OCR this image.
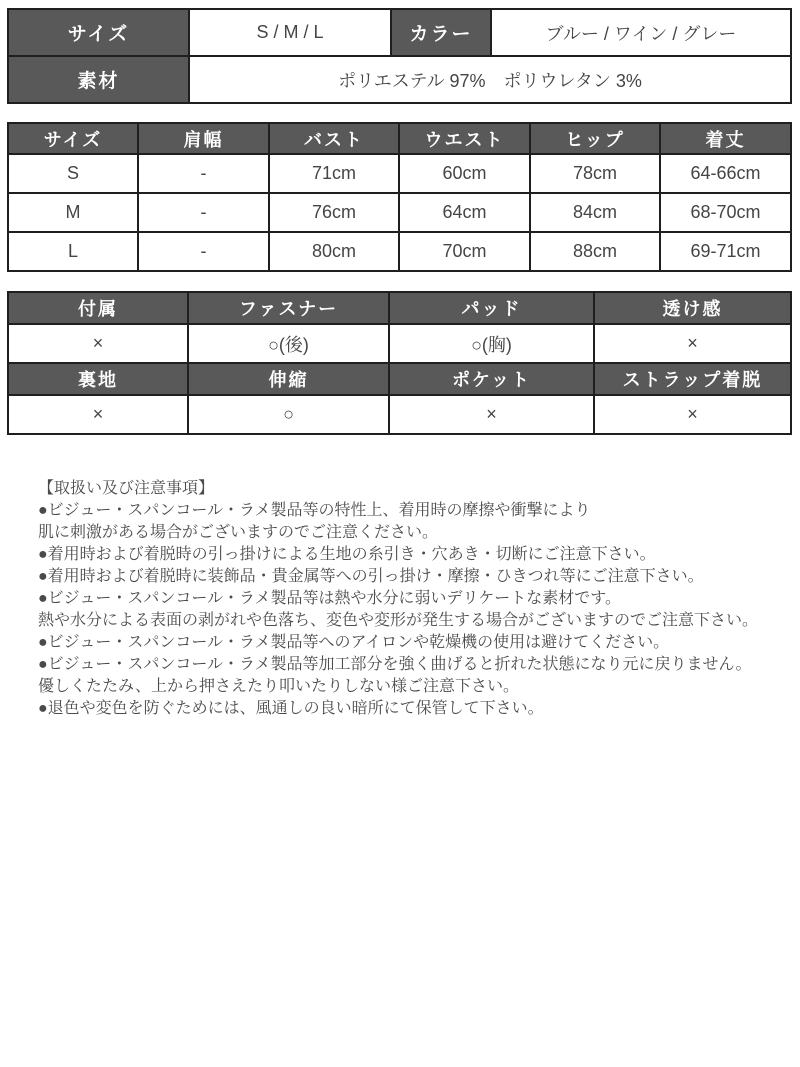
サイズ	S / M / L	カラー	ブルー / ワイン / グレー
素材	ポリエステル 97%　ポリウレタン 3%		
サイズ	肩幅	バスト	ウエスト	ヒップ	着丈
S	-	71cm	60cm	78cm	64-66cm
M	-	76cm	64cm	84cm	68-70cm
L	-	80cm	70cm	88cm	69-71cm
付属	ファスナー	パッド	透け感
×	○(後)	○(胸)	×
裏地	伸縮	ポケット	ストラップ着脱
×	○	×	×
【取扱い及び注意事項】
●ビジュー・スパンコール・ラメ製品等の特性上、着用時の摩擦や衝撃により
肌に刺激がある場合がございますのでご注意ください。
●着用時および着脱時の引っ掛けによる生地の糸引き・穴あき・切断にご注意下さい。
●着用時および着脱時に装飾品・貴金属等への引っ掛け・摩擦・ひきつれ等にご注意下さい。
●ビジュー・スパンコール・ラメ製品等は熱や水分に弱いデリケートな素材です。
熱や水分による表面の剥がれや色落ち、変色や変形が発生する場合がございますのでご注意下さい。
●ビジュー・スパンコール・ラメ製品等へのアイロンや乾燥機の使用は避けてください。
●ビジュー・スパンコール・ラメ製品等加工部分を強く曲げると折れた状態になり元に戻りません。
優しくたたみ、上から押さえたり叩いたりしない様ご注意下さい。
●退色や変色を防ぐためには、風通しの良い暗所にて保管して下さい。
